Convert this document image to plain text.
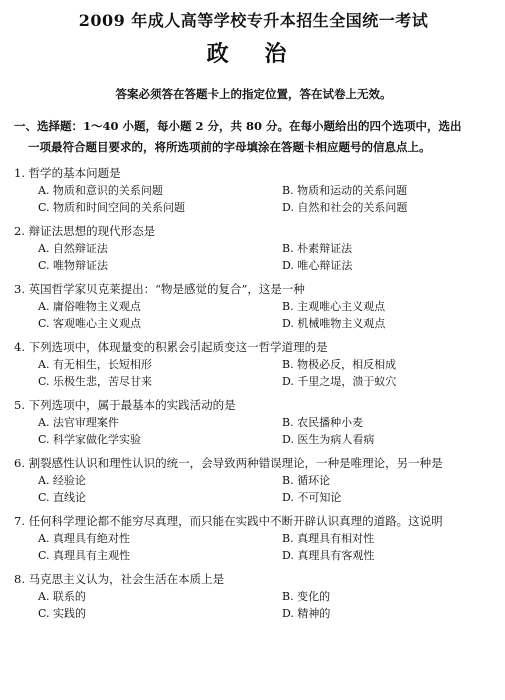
2009 年成人高等学校专升本招生全国统一考试
政 治
答案必须答在答题卡上的指定位置，答在试卷上无效。
一、选择题：1～40 小题，每小题 2 分，共 80 分。在每小题给出的四个选项中，选出
一项最符合题目要求的，将所选项前的字母填涂在答题卡相应题号的信息点上。
1. 哲学的基本问题是
A. 物质和意识的关系问题	B. 物质和运动的关系问题
C. 物质和时间空间的关系问题	D. 自然和社会的关系问题
2. 辩证法思想的现代形态是
A. 自然辩证法	B. 朴素辩证法
C. 唯物辩证法	D. 唯心辩证法
3. 英国哲学家贝克莱提出：“物是感觉的复合”，这是一种
A. 庸俗唯物主义观点	B. 主观唯心主义观点
C. 客观唯心主义观点	D. 机械唯物主义观点
4. 下列选项中，体现量变的积累会引起质变这一哲学道理的是
A. 有无相生，长短相形	B. 物极必反，相反相成
C. 乐极生悲，苦尽甘来	D. 千里之堤，溃于蚁穴
5. 下列选项中，属于最基本的实践活动的是
A. 法官审理案件	B. 农民播种小麦
C. 科学家做化学实验	D. 医生为病人看病
6. 割裂感性认识和理性认识的统一，会导致两种错误理论，一种是唯理论，另一种是
A. 经验论	B. 循环论
C. 直线论	D. 不可知论
7. 任何科学理论都不能穷尽真理，而只能在实践中不断开辟认识真理的道路。这说明
A. 真理具有绝对性	B. 真理具有相对性
C. 真理具有主观性	D. 真理具有客观性
8. 马克思主义认为，社会生活在本质上是
A. 联系的	B. 变化的
C. 实践的	D. 精神的
